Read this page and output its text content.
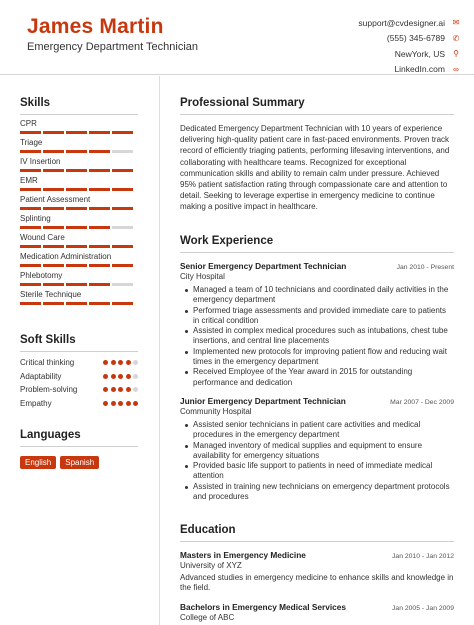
James Martin
Emergency Department Technician
support@cvdesigner.ai ✉
(555) 345-6789 ✆
NewYork, US	⚲
LinkedIn.com	∞
Skills
CPR
Triage
IV Insertion
EMR
Patient Assessment
Splinting
Wound Care
Medication Administration
Phlebotomy
Sterile Technique
Soft Skills
Critical thinking
Adaptability
Problem-solving
Empathy
Languages
English	Spanish
Professional Summary
Dedicated Emergency Department Technician with 10 years of experience delivering high-quality patient care in fast-paced environments. Proven track record of efficiently triaging patients, performing lifesaving interventions, and collaborating with healthcare teams. Recognized for exceptional communication skills and ability to remain calm under pressure. Achieved 95% patient satisfaction rating through compassionate care and attention to detail. Seeking to leverage expertise in emergency medicine to continue making a positive impact in healthcare.
Work Experience
Senior Emergency Department Technician	Jan 2010 - Present
City Hospital
Managed a team of 10 technicians and coordinated daily activities in the emergency department
Performed triage assessments and provided immediate care to patients in critical condition
Assisted in complex medical procedures such as intubations, chest tube insertions, and central line placements
Implemented new protocols for improving patient flow and reducing wait times in the emergency department
Received Employee of the Year award in 2015 for outstanding performance and dedication
Junior Emergency Department Technician	Mar 2007 - Dec 2009
Community Hospital
Assisted senior technicians in patient care activities and medical procedures in the emergency department
Managed inventory of medical supplies and equipment to ensure availability for emergency situations
Provided basic life support to patients in need of immediate medical attention
Assisted in training new technicians on emergency department protocols and procedures
Education
Masters in Emergency Medicine	Jan 2010 - Jan 2012
University of XYZ
Advanced studies in emergency medicine to enhance skills and knowledge in the field.
Bachelors in Emergency Medical Services	Jan 2005 - Jan 2009
College of ABC
